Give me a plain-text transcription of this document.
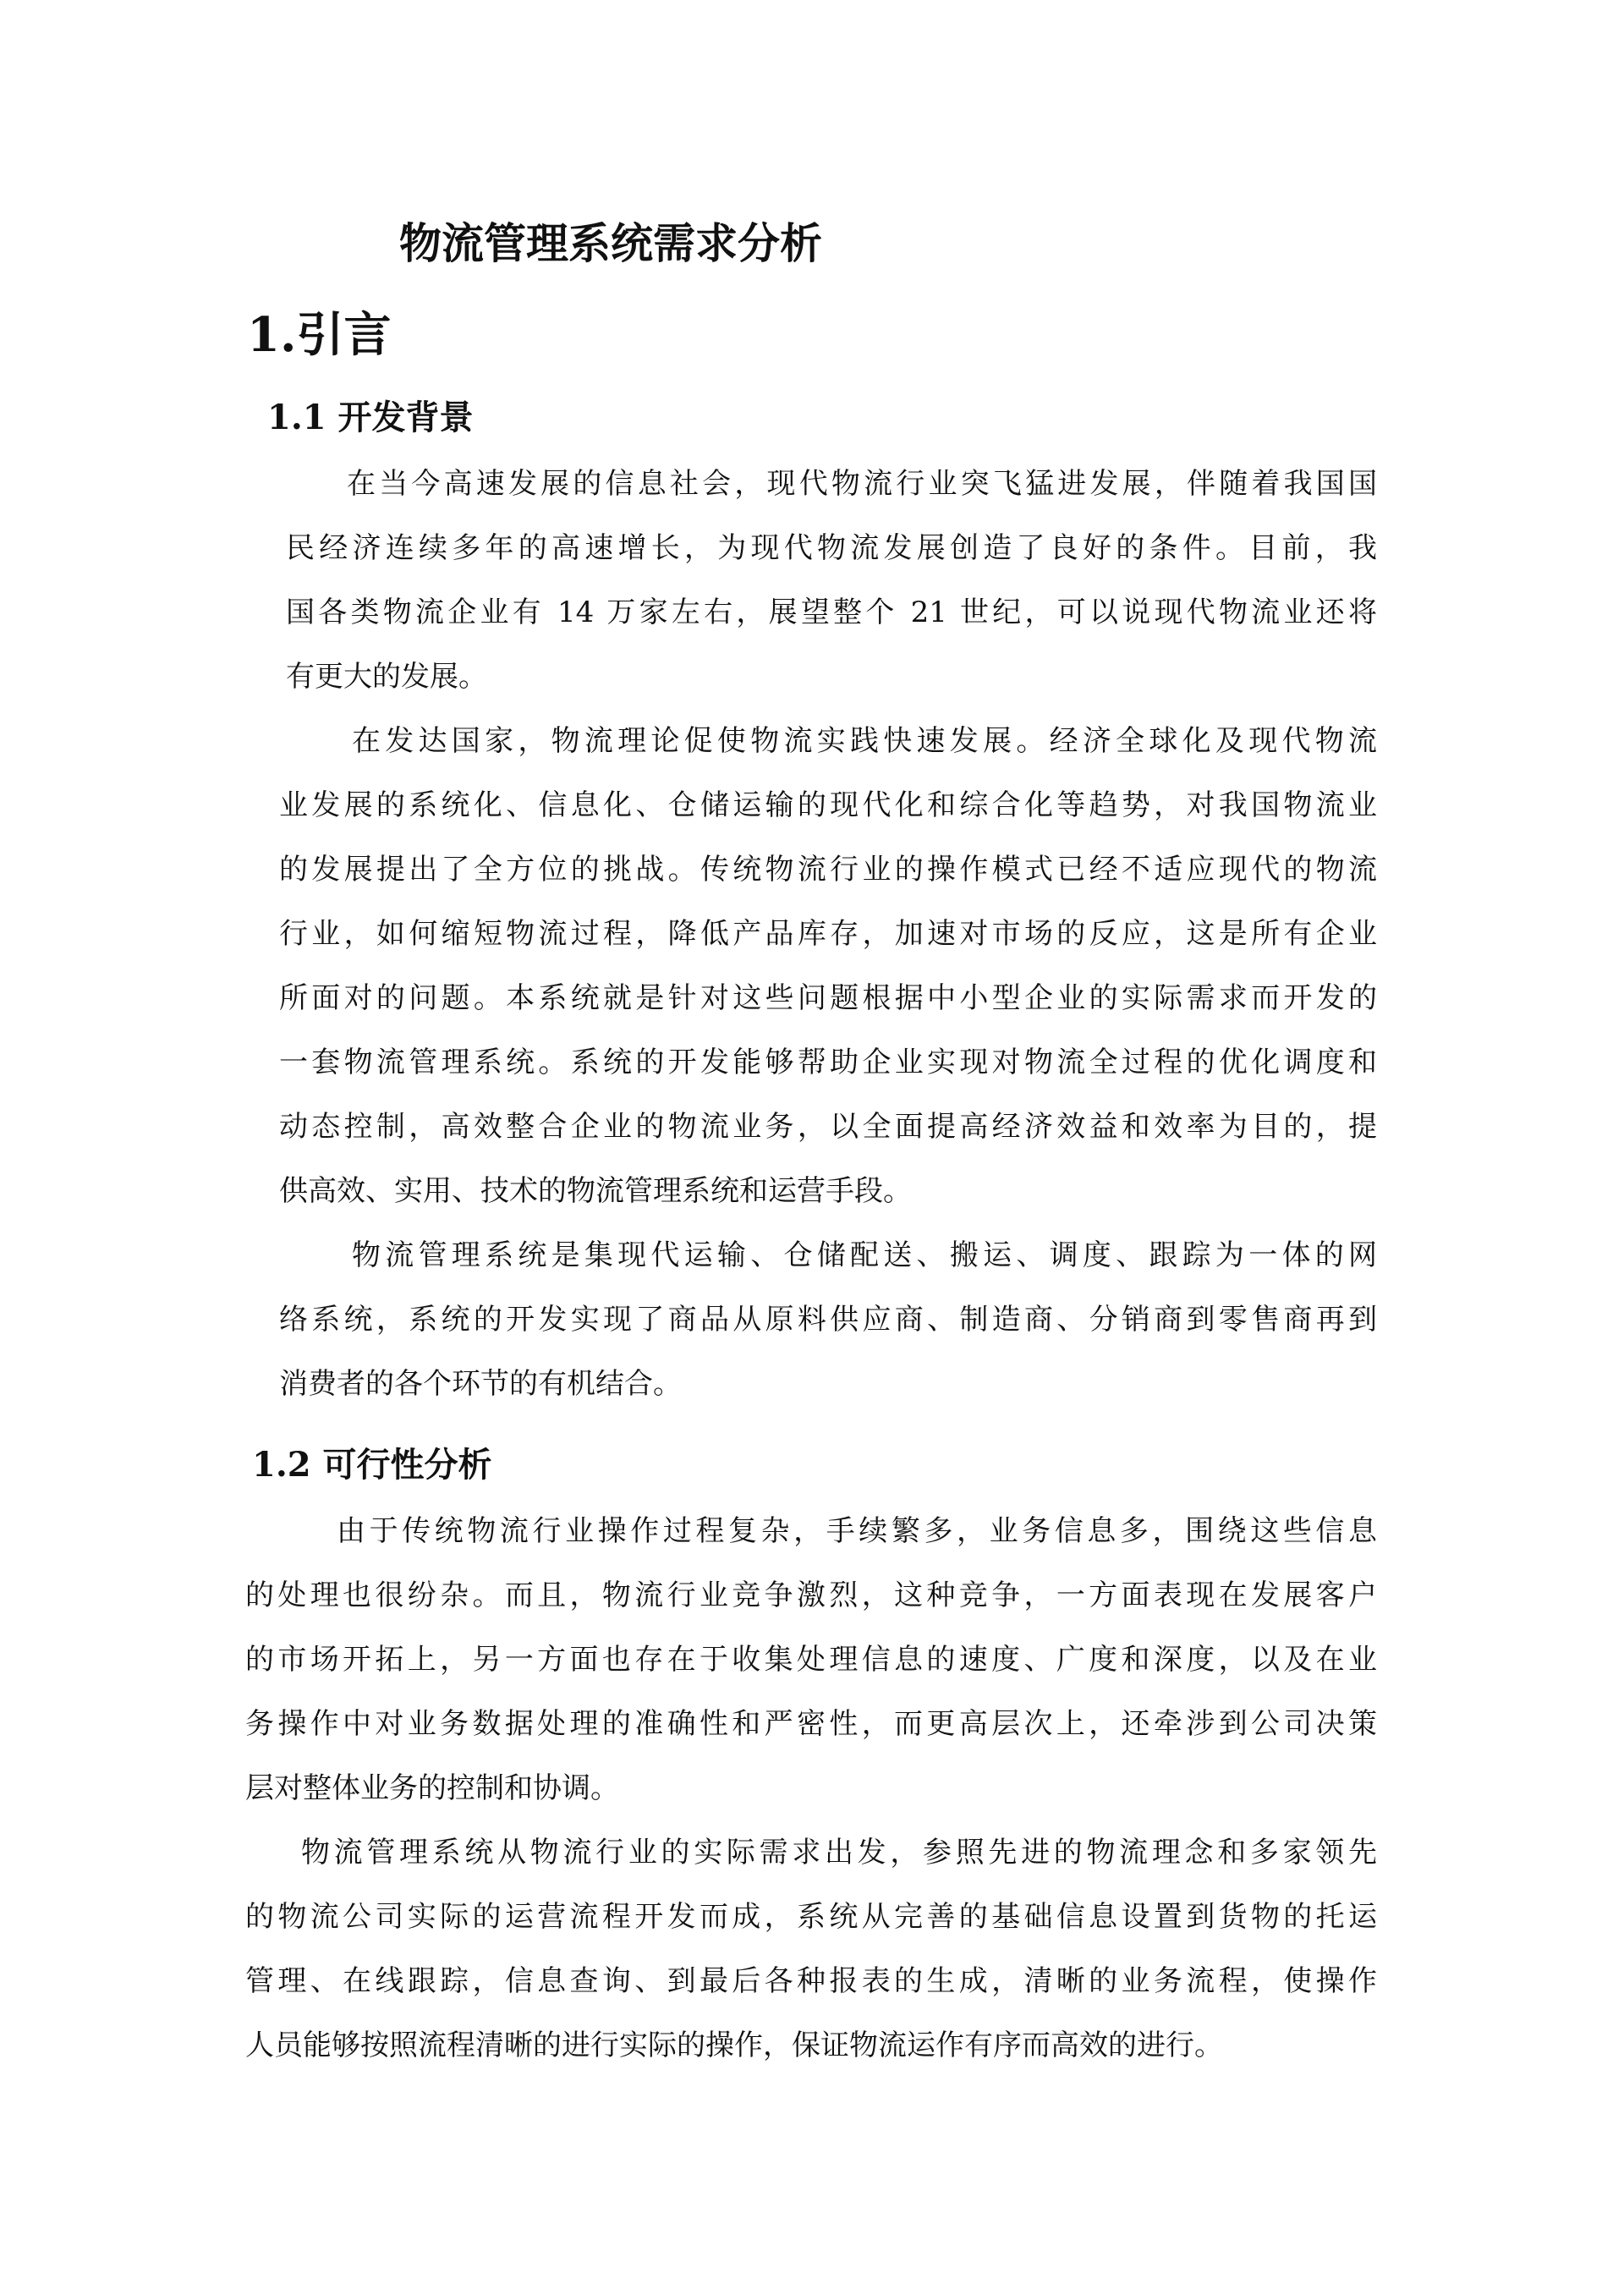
物流管理系统需求分析
1.引言
1.1 开发背景

在当今高速发展的信息社会，现代物流行业突飞猛进发展，伴随着我国国

民经济连续多年的高速增长，为现代物流发展创造了良好的条件。目前，我

国各类物流企业有 14 万家左右，展望整个 21 世纪，可以说现代物流业还将

有更大的发展。

在发达国家，物流理论促使物流实践快速发展。经济全球化及现代物流

业发展的系统化、信息化、仓储运输的现代化和综合化等趋势，对我国物流业

的发展提出了全方位的挑战。传统物流行业的操作模式已经不适应现代的物流

行业，如何缩短物流过程，降低产品库存，加速对市场的反应，这是所有企业

所面对的问题。本系统就是针对这些问题根据中小型企业的实际需求而开发的

一套物流管理系统。系统的开发能够帮助企业实现对物流全过程的优化调度和

动态控制，高效整合企业的物流业务，以全面提高经济效益和效率为目的，提

供高效、实用、技术的物流管理系统和运营手段。

物流管理系统是集现代运输、仓储配送、搬运、调度、跟踪为一体的网

络系统，系统的开发实现了商品从原料供应商、制造商、分销商到零售商再到

消费者的各个环节的有机结合。

1.2 可行性分析

由于传统物流行业操作过程复杂，手续繁多，业务信息多，围绕这些信息

的处理也很纷杂。而且，物流行业竞争激烈，这种竞争，一方面表现在发展客户

的市场开拓上，另一方面也存在于收集处理信息的速度、广度和深度，以及在业

务操作中对业务数据处理的准确性和严密性，而更高层次上，还牵涉到公司决策

层对整体业务的控制和协调。

物流管理系统从物流行业的实际需求出发，参照先进的物流理念和多家领先

的物流公司实际的运营流程开发而成，系统从完善的基础信息设置到货物的托运

管理、在线跟踪，信息查询、到最后各种报表的生成，清晰的业务流程，使操作

人员能够按照流程清晰的进行实际的操作，保证物流运作有序而高效的进行。
